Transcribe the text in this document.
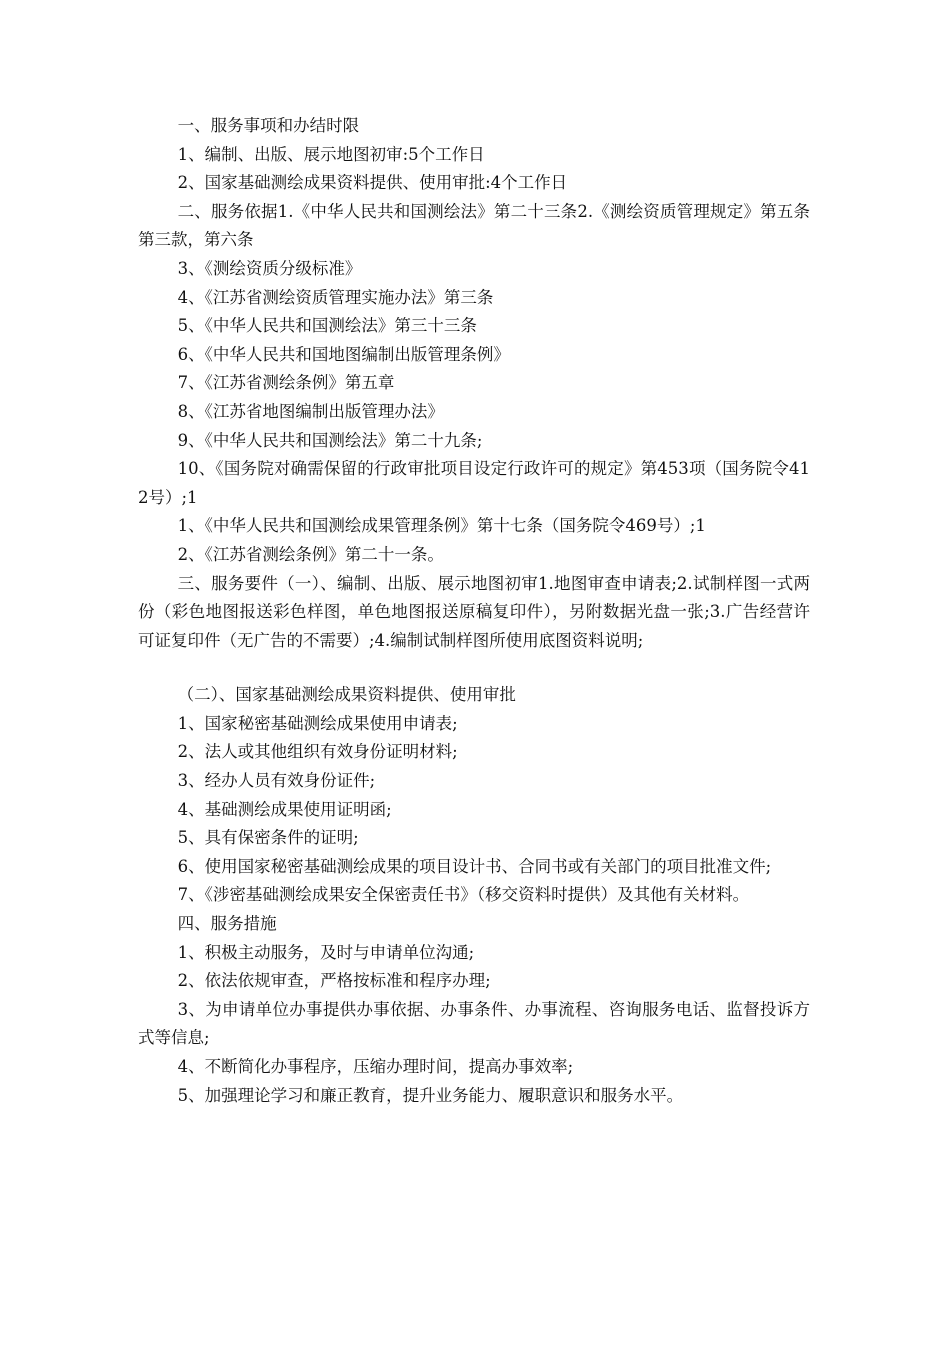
一、服务事项和办结时限

1、编制、出版、展示地图初审:5个工作日

2、国家基础测绘成果资料提供、使用审批:4个工作日

二、服务依据1.《中华人民共和国测绘法》第二十三条2.《测绘资质管理规定》第五条第三款，第六条

3、《测绘资质分级标准》

4、《江苏省测绘资质管理实施办法》第三条

5、《中华人民共和国测绘法》第三十三条

6、《中华人民共和国地图编制出版管理条例》

7、《江苏省测绘条例》第五章

8、《江苏省地图编制出版管理办法》

9、《中华人民共和国测绘法》第二十九条;

10、《国务院对确需保留的行政审批项目设定行政许可的规定》第453项（国务院令412号）;1

1、《中华人民共和国测绘成果管理条例》第十七条（国务院令469号）;1

2、《江苏省测绘条例》第二十一条。

三、服务要件（一）、编制、出版、展示地图初审1.地图审查申请表;2.试制样图一式两份（彩色地图报送彩色样图，单色地图报送原稿复印件），另附数据光盘一张;3.广告经营许可证复印件（无广告的不需要）;4.编制试制样图所使用底图资料说明;

（二）、国家基础测绘成果资料提供、使用审批

1、国家秘密基础测绘成果使用申请表;

2、法人或其他组织有效身份证明材料;

3、经办人员有效身份证件;

4、基础测绘成果使用证明函;

5、具有保密条件的证明;

6、使用国家秘密基础测绘成果的项目设计书、合同书或有关部门的项目批准文件;

7、《涉密基础测绘成果安全保密责任书》（移交资料时提供）及其他有关材料。

四、服务措施

1、积极主动服务，及时与申请单位沟通;

2、依法依规审查，严格按标准和程序办理;

3、为申请单位办事提供办事依据、办事条件、办事流程、咨询服务电话、监督投诉方式等信息;

4、不断简化办事程序，压缩办理时间，提高办事效率;

5、加强理论学习和廉正教育，提升业务能力、履职意识和服务水平。
